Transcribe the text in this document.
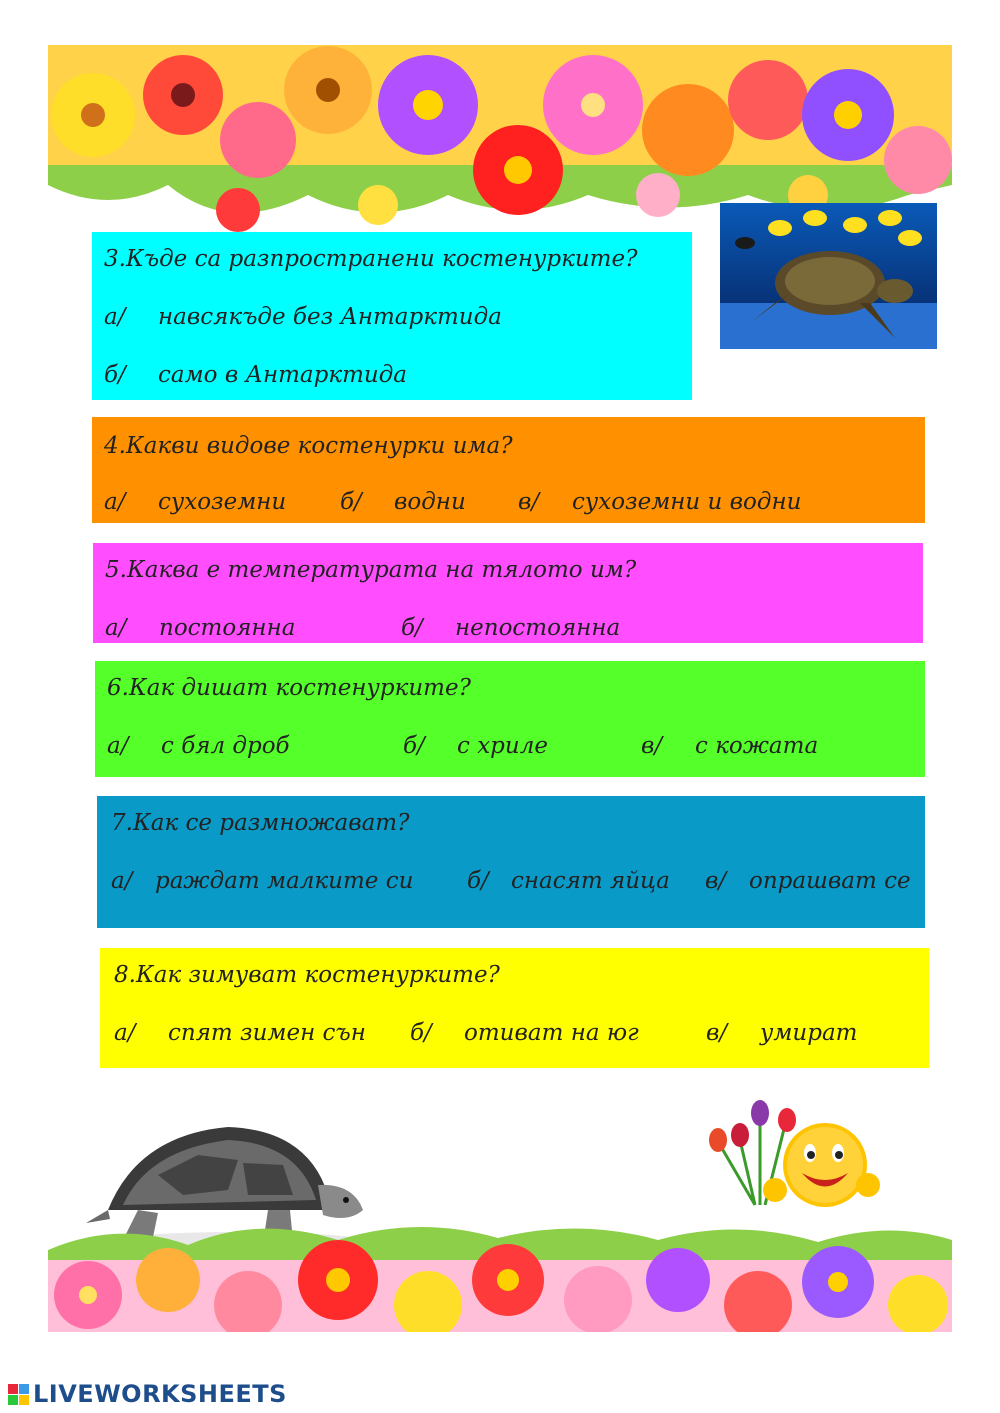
3.Къде са разпространени костенурките?
а/ навсякъде без Антарктида
б/ само в Антарктида
4.Какви видове костенурки има?
а/ сухоземни б/ водни в/ сухоземни и водни
5.Каква е температурата на тялото им?
а/ постоянна	б/ непостоянна
6.Как дишат костенурките?
а/ с бял дроб	б/ с хриле	в/ с кожата
7.Как се размножават?
а/ раждат малките си б/ снасят яйца в/ опрашват се
8.Как зимуват костенурките?
а/ спят зимен сън б/ отиват на юг	в/ умират
LIVEWORKSHEETS
